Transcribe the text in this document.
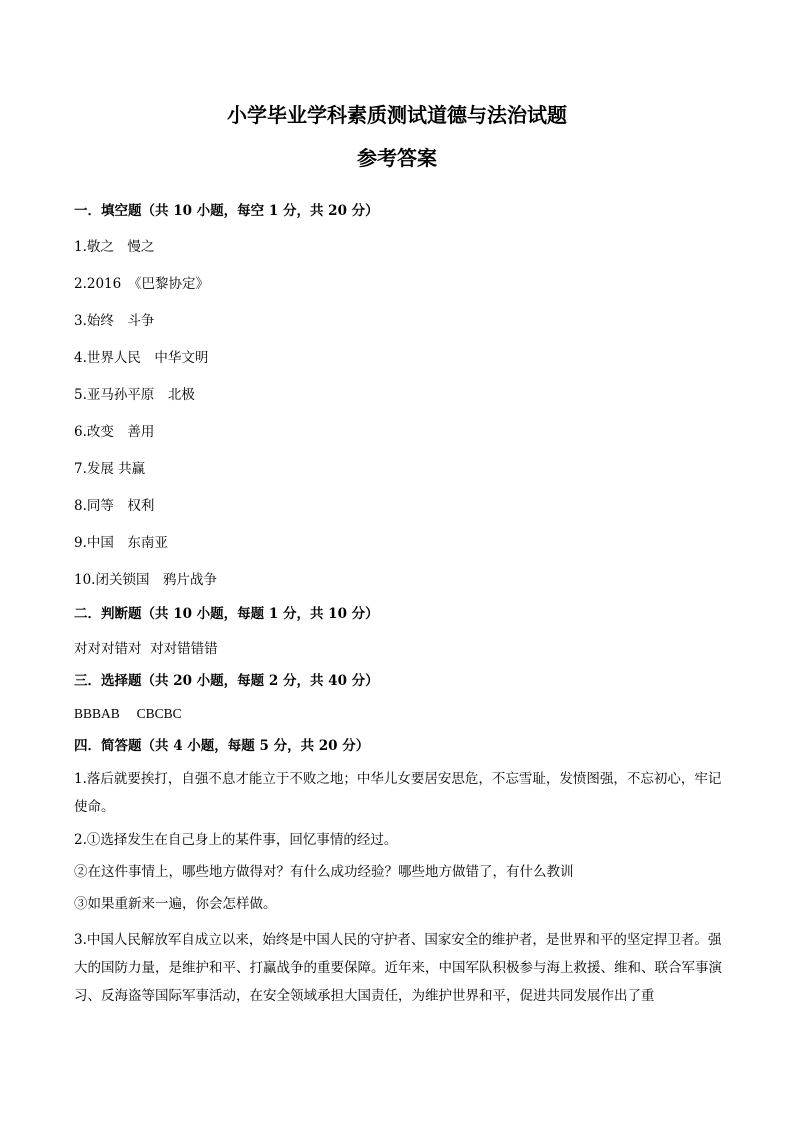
小学毕业学科素质测试道德与法治试题
参考答案

一．填空题（共 10 小题，每空 1 分，共 20 分）

1.敬之　慢之

2.2016　《巴黎协定》

3.始终　斗争

4.世界人民　中华文明

5.亚马孙平原　北极

6.改变　善用

7.发展 共赢

8.同等　权利

9.中国　东南亚

10.闭关锁国　鸦片战争

二．判断题（共 10 小题，每题 1 分，共 10 分）

对对对错对  对对错错错

三．选择题（共 20 小题，每题 2 分，共 40 分）

BBBAB     CBCBC

四．简答题（共 4 小题，每题 5 分，共 20 分）

1.落后就要挨打，自强不息才能立于不败之地；中华儿女要居安思危，不忘雪耻，发愤图强，不忘初心，牢记使命。

2.①选择发生在自己身上的某件事，回忆事情的经过。

②在这件事情上，哪些地方做得对？有什么成功经验？哪些地方做错了，有什么教训

③如果重新来一遍，你会怎样做。

3.中国人民解放军自成立以来，始终是中国人民的守护者、国家安全的维护者，是世界和平的坚定捍卫者。强大的国防力量，是维护和平、打赢战争的重要保障。近年来，中国军队积极参与海上救援、维和、联合军事演习、反海盗等国际军事活动，在安全领域承担大国责任，为维护世界和平，促进共同发展作出了重
